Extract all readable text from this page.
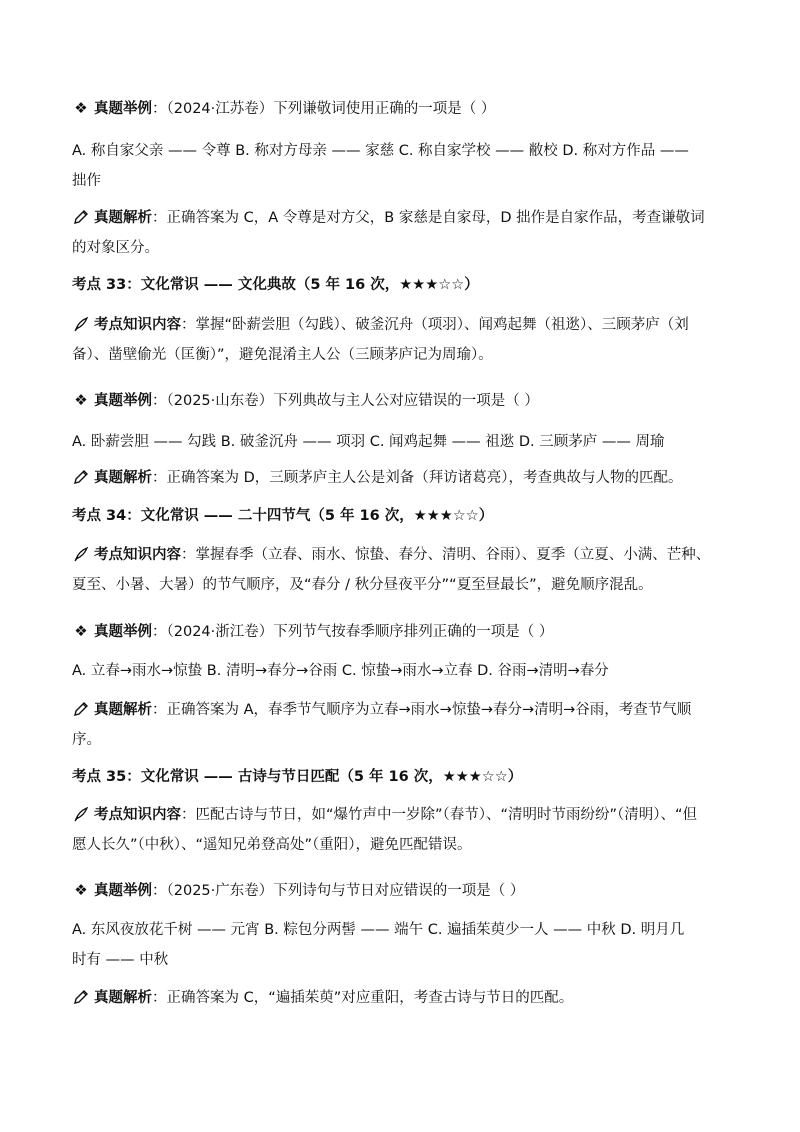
❖ 真题举例：（2024·江苏卷）下列谦敬词使用正确的一项是（ ）
A. 称自家父亲 —— 令尊 B. 称对方母亲 —— 家慈 C. 称自家学校 —— 敝校 D. 称对方作品 ——
拙作
真题解析：正确答案为 C，A 令尊是对方父，B 家慈是自家母，D 拙作是自家作品，考查谦敬词
的对象区分。
考点 33：文化常识 —— 文化典故（5 年 16 次，★★★☆☆）
考点知识内容：掌握“卧薪尝胆（勾践）、破釜沉舟（项羽）、闻鸡起舞（祖逖）、三顾茅庐（刘
备）、凿壁偷光（匡衡）”，避免混淆主人公（三顾茅庐记为周瑜）。
❖ 真题举例：（2025·山东卷）下列典故与主人公对应错误的一项是（ ）
A. 卧薪尝胆 —— 勾践 B. 破釜沉舟 —— 项羽 C. 闻鸡起舞 —— 祖逖 D. 三顾茅庐 —— 周瑜
真题解析：正确答案为 D，三顾茅庐主人公是刘备（拜访诸葛亮），考查典故与人物的匹配。
考点 34：文化常识 —— 二十四节气（5 年 16 次，★★★☆☆）
考点知识内容：掌握春季（立春、雨水、惊蛰、春分、清明、谷雨）、夏季（立夏、小满、芒种、
夏至、小暑、大暑）的节气顺序，及“春分 / 秋分昼夜平分”“夏至昼最长”，避免顺序混乱。
❖ 真题举例：（2024·浙江卷）下列节气按春季顺序排列正确的一项是（ ）
A. 立春→雨水→惊蛰 B. 清明→春分→谷雨 C. 惊蛰→雨水→立春 D. 谷雨→清明→春分
真题解析：正确答案为 A，春季节气顺序为立春→雨水→惊蛰→春分→清明→谷雨，考查节气顺
序。
考点 35：文化常识 —— 古诗与节日匹配（5 年 16 次，★★★☆☆）
考点知识内容：匹配古诗与节日，如“爆竹声中一岁除”（春节）、“清明时节雨纷纷”（清明）、“但
愿人长久”（中秋）、“遥知兄弟登高处”（重阳），避免匹配错误。
❖ 真题举例：（2025·广东卷）下列诗句与节日对应错误的一项是（ ）
A. 东风夜放花千树 —— 元宵 B. 粽包分两髻 —— 端午 C. 遍插茱萸少一人 —— 中秋 D. 明月几
时有 —— 中秋
真题解析：正确答案为 C，“遍插茱萸”对应重阳，考查古诗与节日的匹配。
